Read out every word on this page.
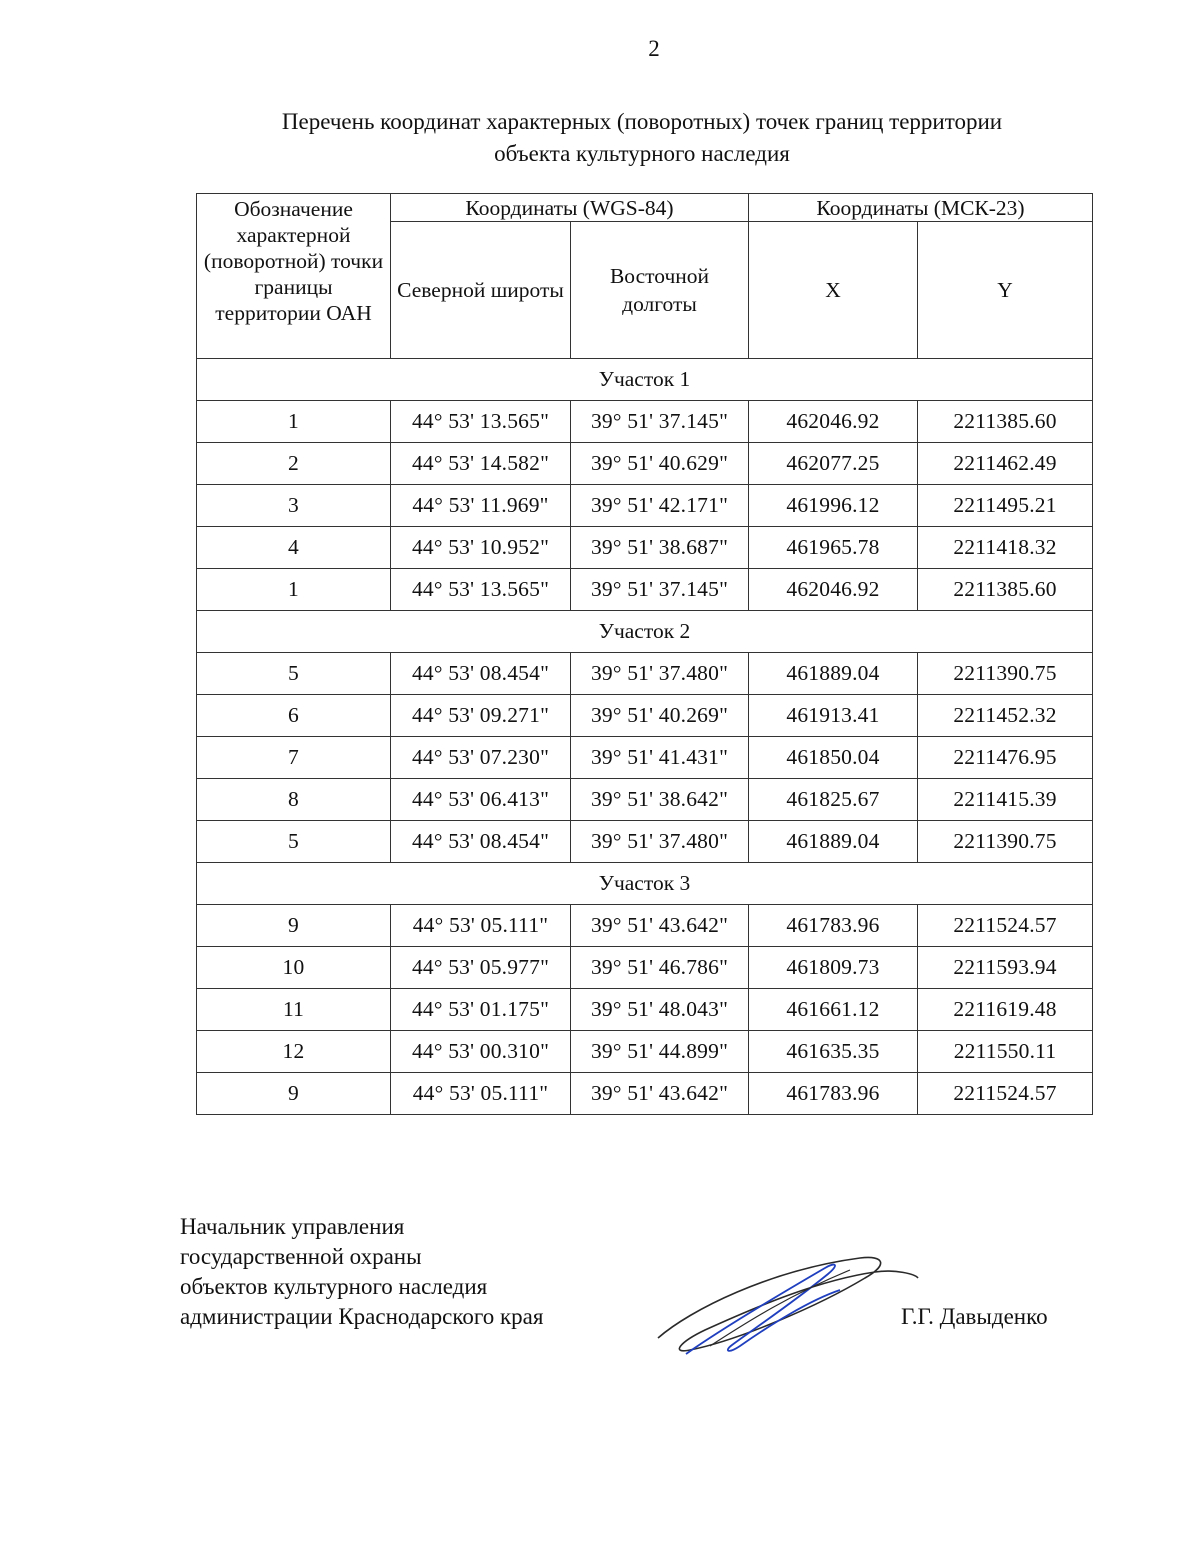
2
Перечень координат характерных (поворотных) точек границ территории
объекта культурного наследия
Обозначение характерной (поворотной) точки границы территории ОАН	Координаты (WGS-84)		Координаты (МСК-23)	
	Северной широты	Восточной долготы	X	Y
Участок 1				
1	44° 53' 13.565"	39° 51' 37.145"	462046.92	2211385.60
2	44° 53' 14.582"	39° 51' 40.629"	462077.25	2211462.49
3	44° 53' 11.969"	39° 51' 42.171"	461996.12	2211495.21
4	44° 53' 10.952"	39° 51' 38.687"	461965.78	2211418.32
1	44° 53' 13.565"	39° 51' 37.145"	462046.92	2211385.60
Участок 2				
5	44° 53' 08.454"	39° 51' 37.480"	461889.04	2211390.75
6	44° 53' 09.271"	39° 51' 40.269"	461913.41	2211452.32
7	44° 53' 07.230"	39° 51' 41.431"	461850.04	2211476.95
8	44° 53' 06.413"	39° 51' 38.642"	461825.67	2211415.39
5	44° 53' 08.454"	39° 51' 37.480"	461889.04	2211390.75
Участок 3				
9	44° 53' 05.111"	39° 51' 43.642"	461783.96	2211524.57
10	44° 53' 05.977"	39° 51' 46.786"	461809.73	2211593.94
11	44° 53' 01.175"	39° 51' 48.043"	461661.12	2211619.48
12	44° 53' 00.310"	39° 51' 44.899"	461635.35	2211550.11
9	44° 53' 05.111"	39° 51' 43.642"	461783.96	2211524.57
Начальник управления
государственной охраны
объектов культурного наследия
администрации Краснодарского края	Г.Г. Давыденко
